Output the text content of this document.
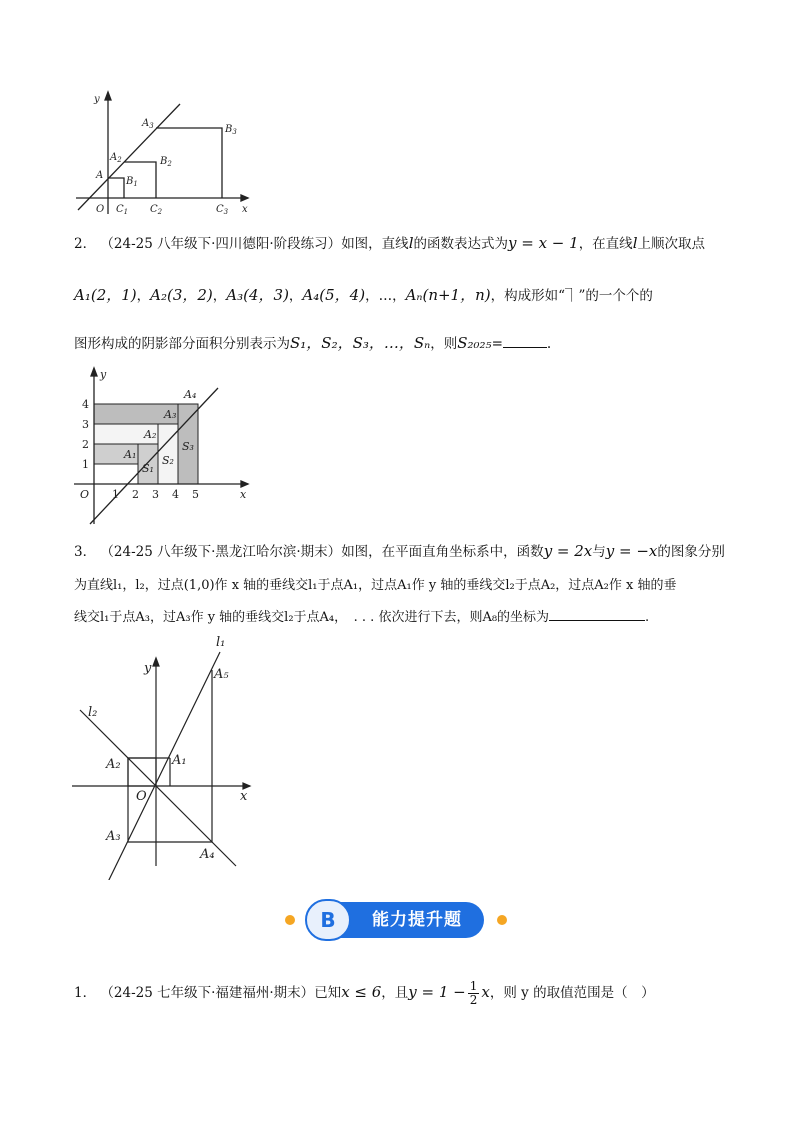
y
x
O
A
$A_2$
$A_3$
$B_1$
$B_2$
$B_3$
$C_1$ $C_2$	$C_3$
2． （24-25 八年级下·四川德阳·阶段练习）如图，直线l的函数表达式为y = x − 1，在直线l上顺次取点
A₁(2，1)，A₂(3，2)，A₃(4，3)，A₄(5，4)，…，Aₙ(n+1，n)，构成形如“⏋”的一个个的
图形构成的阴影部分面积分别表示为S₁，S₂，S₃，…，Sₙ，则S₂₀₂₅=	.
y
x
O 1 2 3 4 5
1
2
3
4
A₁
A₂
A₃
A₄
S₁
S₂
S₃
3． （24-25 八年级下·黑龙江哈尔滨·期末）如图，在平面直角坐标系中，函数y = 2x与y = −x的图象分别
为直线l₁，l₂，过点(1,0)作 x 轴的垂线交l₁于点A₁，过点A₁作 y 轴的垂线交l₂于点A₂，过点A₂作 x 轴的垂
线交l₁于点A₃，过A₃作 y 轴的垂线交l₂于点A₄，　. . . 依次进行下去，则A₈的坐标为	.
y
x
O
l₁
l₂
A₁
A₂
A₃
A₄
A₅
B	能力提升题
1． （24-25 七年级下·福建福州·期末）已知x ≤ 6，且$y = 1 - \frac{1}{2}$ x，则 y 的取值范围是（　）
